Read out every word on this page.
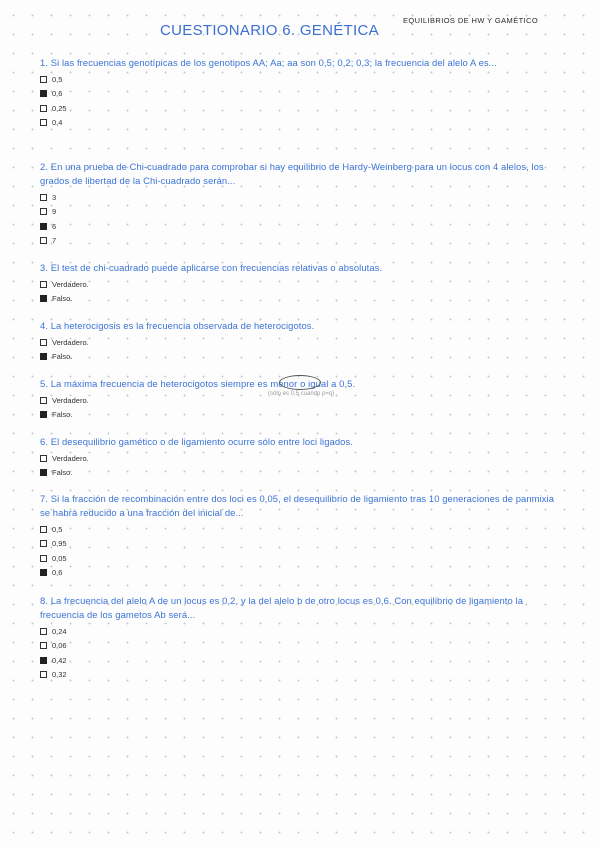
CUESTIONARIO 6. GENÉTICA
EQUILIBRIOS DE HW Y GAMÉTICO

1. Si las frecuencias genotípicas de los genotipos AA; Aa; aa son 0,5; 0,2; 0,3; la frecuencia del alelo A es...

0,5
0,6
0,25
0,4

2. En una prueba de Chi-cuadrado para comprobar si hay equilibrio de Hardy-Weinberg para un locus con 4 alelos, los grados de libertad de la Chi-cuadrado serán...

3
9
6
7

3. El test de chi-cuadrado puede aplicarse con frecuencias relativas o absolutas.

Verdadero.
Falso.

4. La heterocigosis es la frecuencia observada de heterocigotos.

Verdadero.
Falso.

5. La máxima frecuencia de heterocigotos siempre es menor o igual a 0,5.

Verdadero.
Falso.
(sólo es 0,5 cuando p=q)

6. El desequilibrio gamético o de ligamiento ocurre sólo entre loci ligados.

Verdadero.
Falso.

7. Si la fracción de recombinación entre dos loci es 0,05, el desequilibrio de ligamiento tras 10 generaciones de panmixia se habrá reducido a una fracción del inicial de...

0,5
0,95
0,05
0,6

8. La frecuencia del alelo A de un locus es 0,2, y la del alelo b de otro locus es 0,6. Con equilibrio de ligamiento la frecuencia de los gametos Ab será...

0,24
0,06
0,42
0,32
